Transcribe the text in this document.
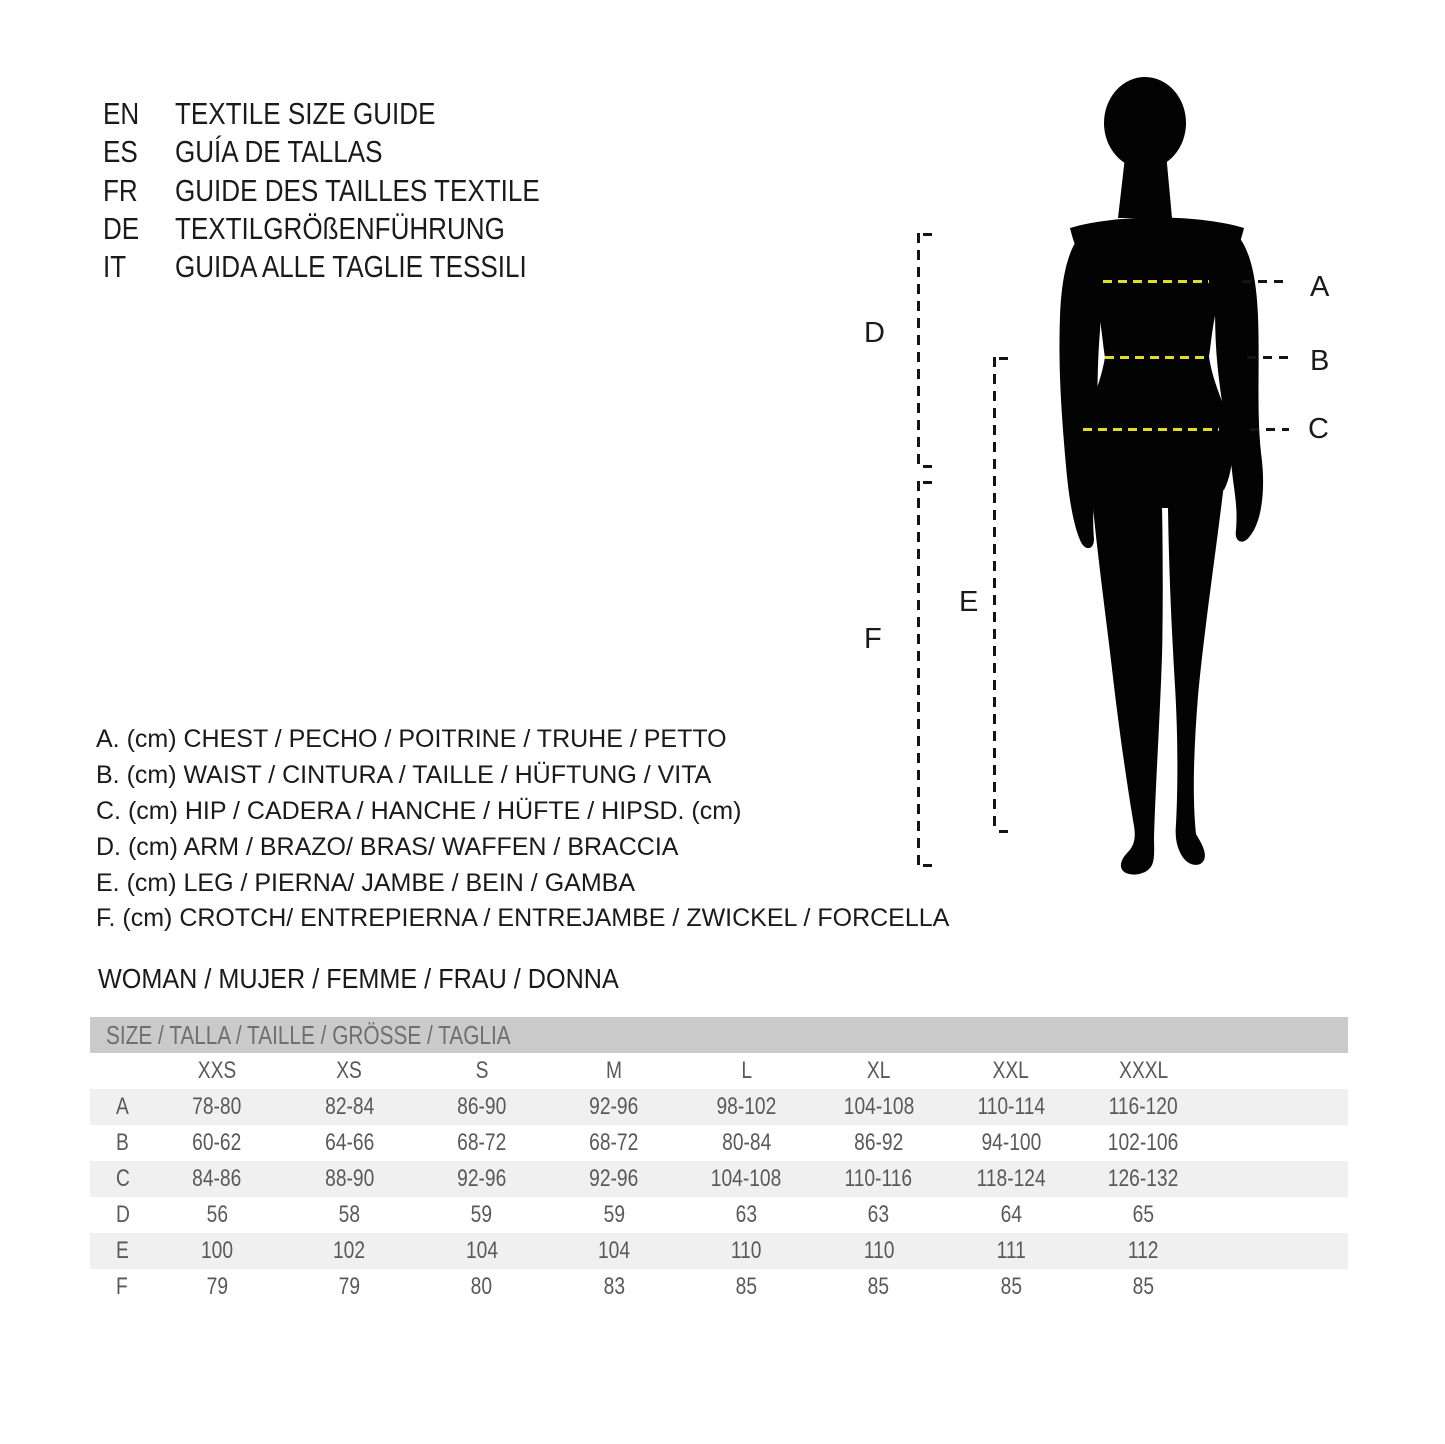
EN	TEXTILE SIZE GUIDE
ES	GUÍA DE TALLAS
FR	GUIDE DES TAILLES TEXTILE
DE	TEXTILGRÖßENFÜHRUNG
IT	GUIDA ALLE TAGLIE TESSILI
A
B
C
D
F
E
A. (cm) CHEST / PECHO / POITRINE / TRUHE / PETTO
B. (cm) WAIST / CINTURA / TAILLE / HÜFTUNG / VITA
C. (cm) HIP / CADERA / HANCHE / HÜFTE / HIPSD. (cm)
D. (cm) ARM / BRAZO/ BRAS/ WAFFEN / BRACCIA
E. (cm) LEG / PIERNA/ JAMBE / BEIN / GAMBA
F. (cm) CROTCH/ ENTREPIERNA / ENTREJAMBE / ZWICKEL / FORCELLA
WOMAN / MUJER / FEMME / FRAU / DONNA
SIZE / TALLA / TAILLE / GRÖSSE / TAGLIA
XXS	XS	S	M	L	XL	XXL	XXXL
A	78-80	82-84	86-90	92-96	98-102	104-108	110-114	116-120
B	60-62	64-66	68-72	68-72	80-84	86-92	94-100	102-106
C	84-86	88-90	92-96	92-96	104-108	110-116	118-124	126-132
D	56	58	59	59	63	63	64	65
E	100	102	104	104	110	110	111	112
F	79	79	80	83	85	85	85	85
